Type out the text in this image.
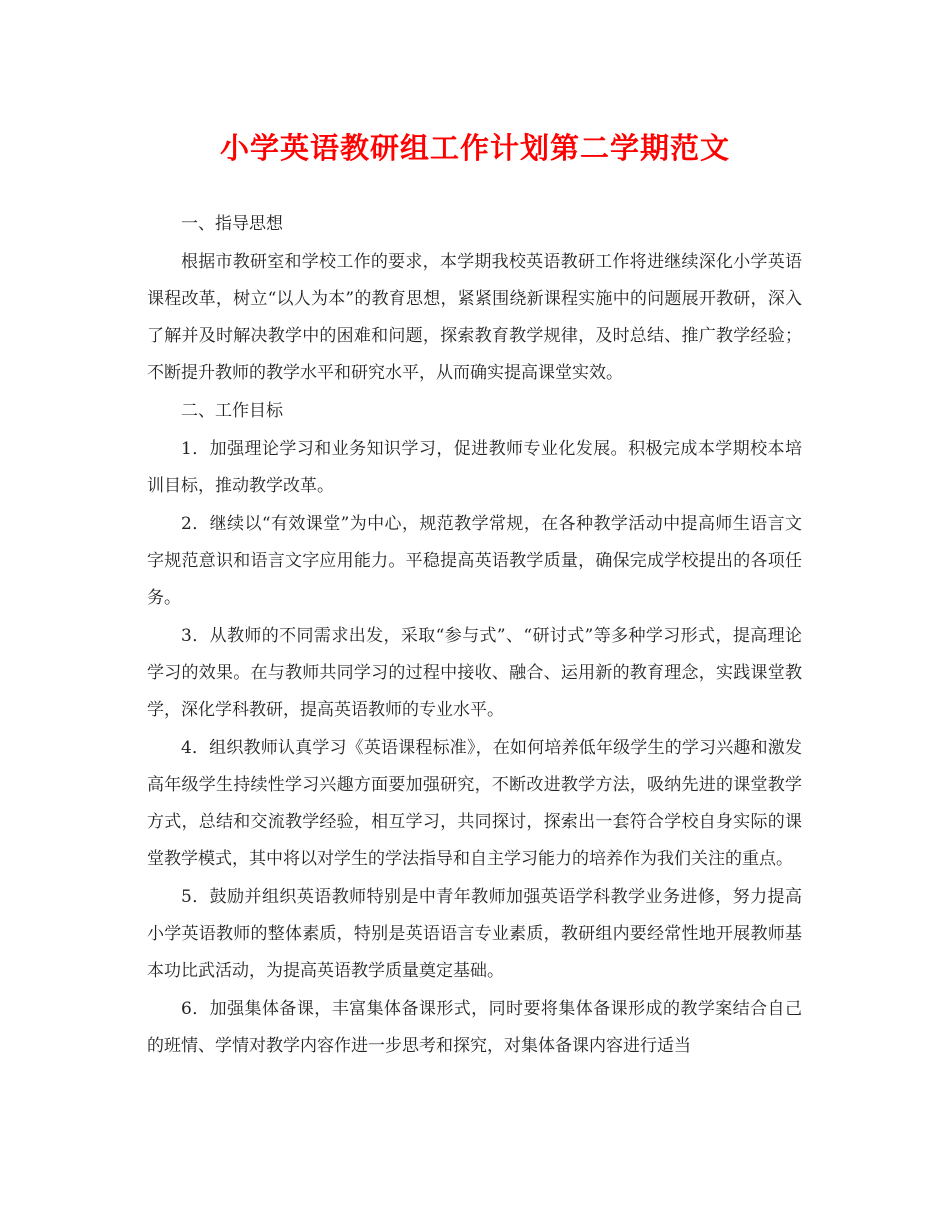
小学英语教研组工作计划第二学期范文

一、指导思想

根据市教研室和学校工作的要求，本学期我校英语教研工作将进继续深化小学英语课程改革，树立“以人为本”的教育思想，紧紧围绕新课程实施中的问题展开教研，深入了解并及时解决教学中的困难和问题，探索教育教学规律，及时总结、推广教学经验；不断提升教师的教学水平和研究水平，从而确实提高课堂实效。

二、工作目标

1．加强理论学习和业务知识学习，促进教师专业化发展。积极完成本学期校本培训目标，推动教学改革。

2．继续以“有效课堂”为中心，规范教学常规，在各种教学活动中提高师生语言文字规范意识和语言文字应用能力。平稳提高英语教学质量，确保完成学校提出的各项任务。

3．从教师的不同需求出发，采取“参与式”、“研讨式”等多种学习形式，提高理论学习的效果。在与教师共同学习的过程中接收、融合、运用新的教育理念，实践课堂教学，深化学科教研，提高英语教师的专业水平。

4．组织教师认真学习《英语课程标准》，在如何培养低年级学生的学习兴趣和激发高年级学生持续性学习兴趣方面要加强研究，不断改进教学方法，吸纳先进的课堂教学方式，总结和交流教学经验，相互学习，共同探讨，探索出一套符合学校自身实际的课堂教学模式，其中将以对学生的学法指导和自主学习能力的培养作为我们关注的重点。

5．鼓励并组织英语教师特别是中青年教师加强英语学科教学业务进修，努力提高小学英语教师的整体素质，特别是英语语言专业素质，教研组内要经常性地开展教师基本功比武活动，为提高英语教学质量奠定基础。

6．加强集体备课，丰富集体备课形式，同时要将集体备课形成的教学案结合自己的班情、学情对教学内容作进一步思考和探究，对集体备课内容进行适当
